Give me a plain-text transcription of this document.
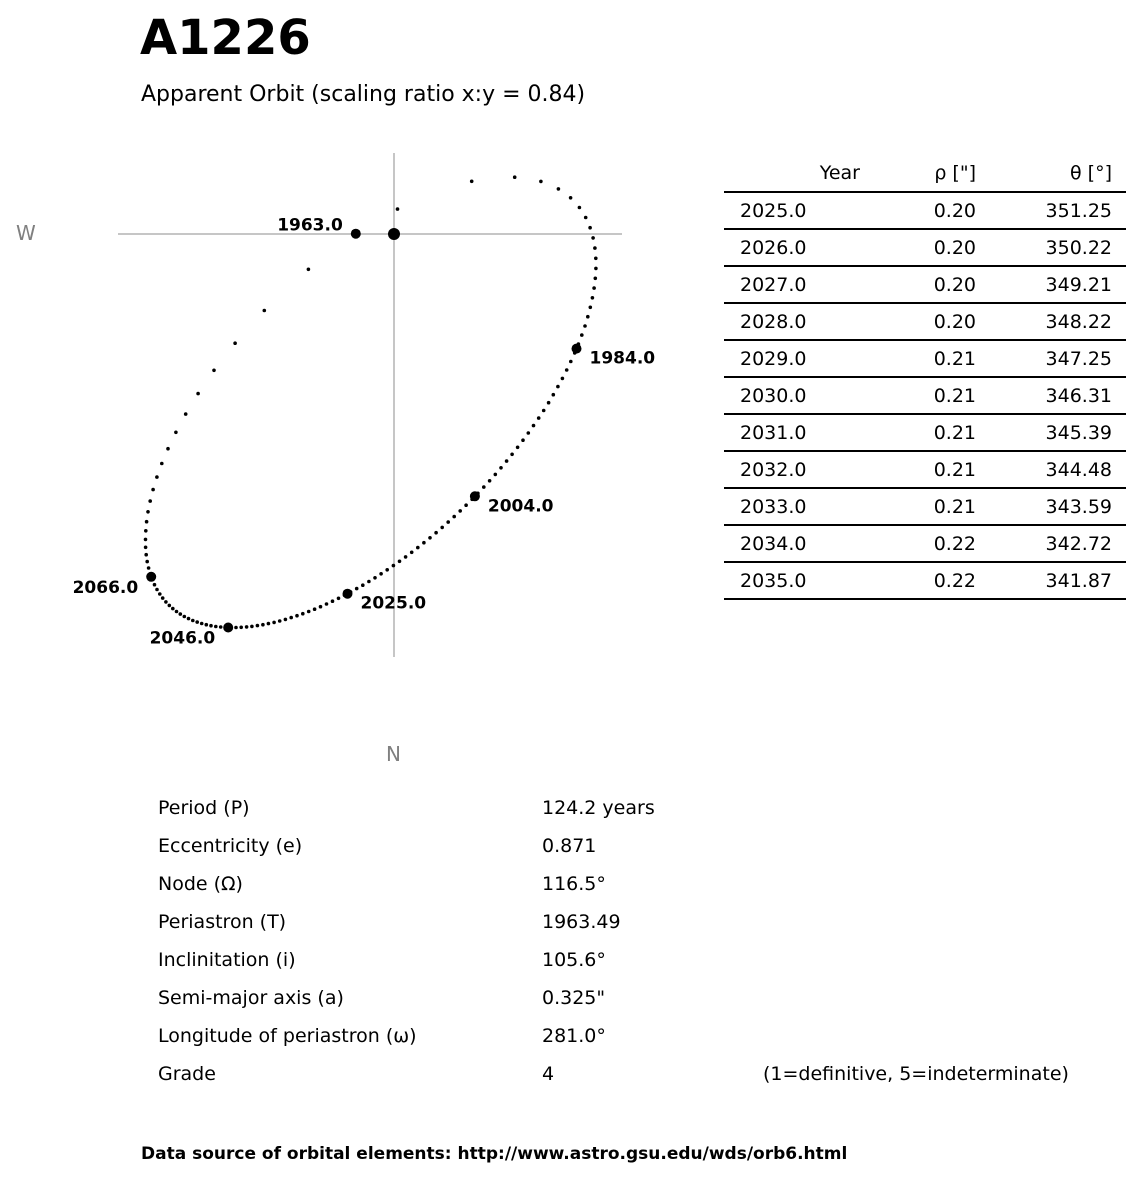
A1226
Apparent Orbit (scaling ratio x:y = 0.84)
W
N
1963.0
1984.0
2004.0
2025.0
2046.0
2066.0
Year	ρ ["]	θ [°]
2025.0	0.20	351.25
2026.0	0.20	350.22
2027.0	0.20	349.21
2028.0	0.20	348.22
2029.0	0.21	347.25
2030.0	0.21	346.31
2031.0	0.21	345.39
2032.0	0.21	344.48
2033.0	0.21	343.59
2034.0	0.22	342.72
2035.0	0.22	341.87
Period (P)	124.2 years
Eccentricity (e)	0.871
Node (Ω)	116.5°
Periastron (T)	1963.49
Inclinitation (i)	105.6°
Semi-major axis (a)	0.325"
Longitude of periastron (ω)	281.0°
Grade	4	(1=definitive, 5=indeterminate)
Data source of orbital elements: http://www.astro.gsu.edu/wds/orb6.html
